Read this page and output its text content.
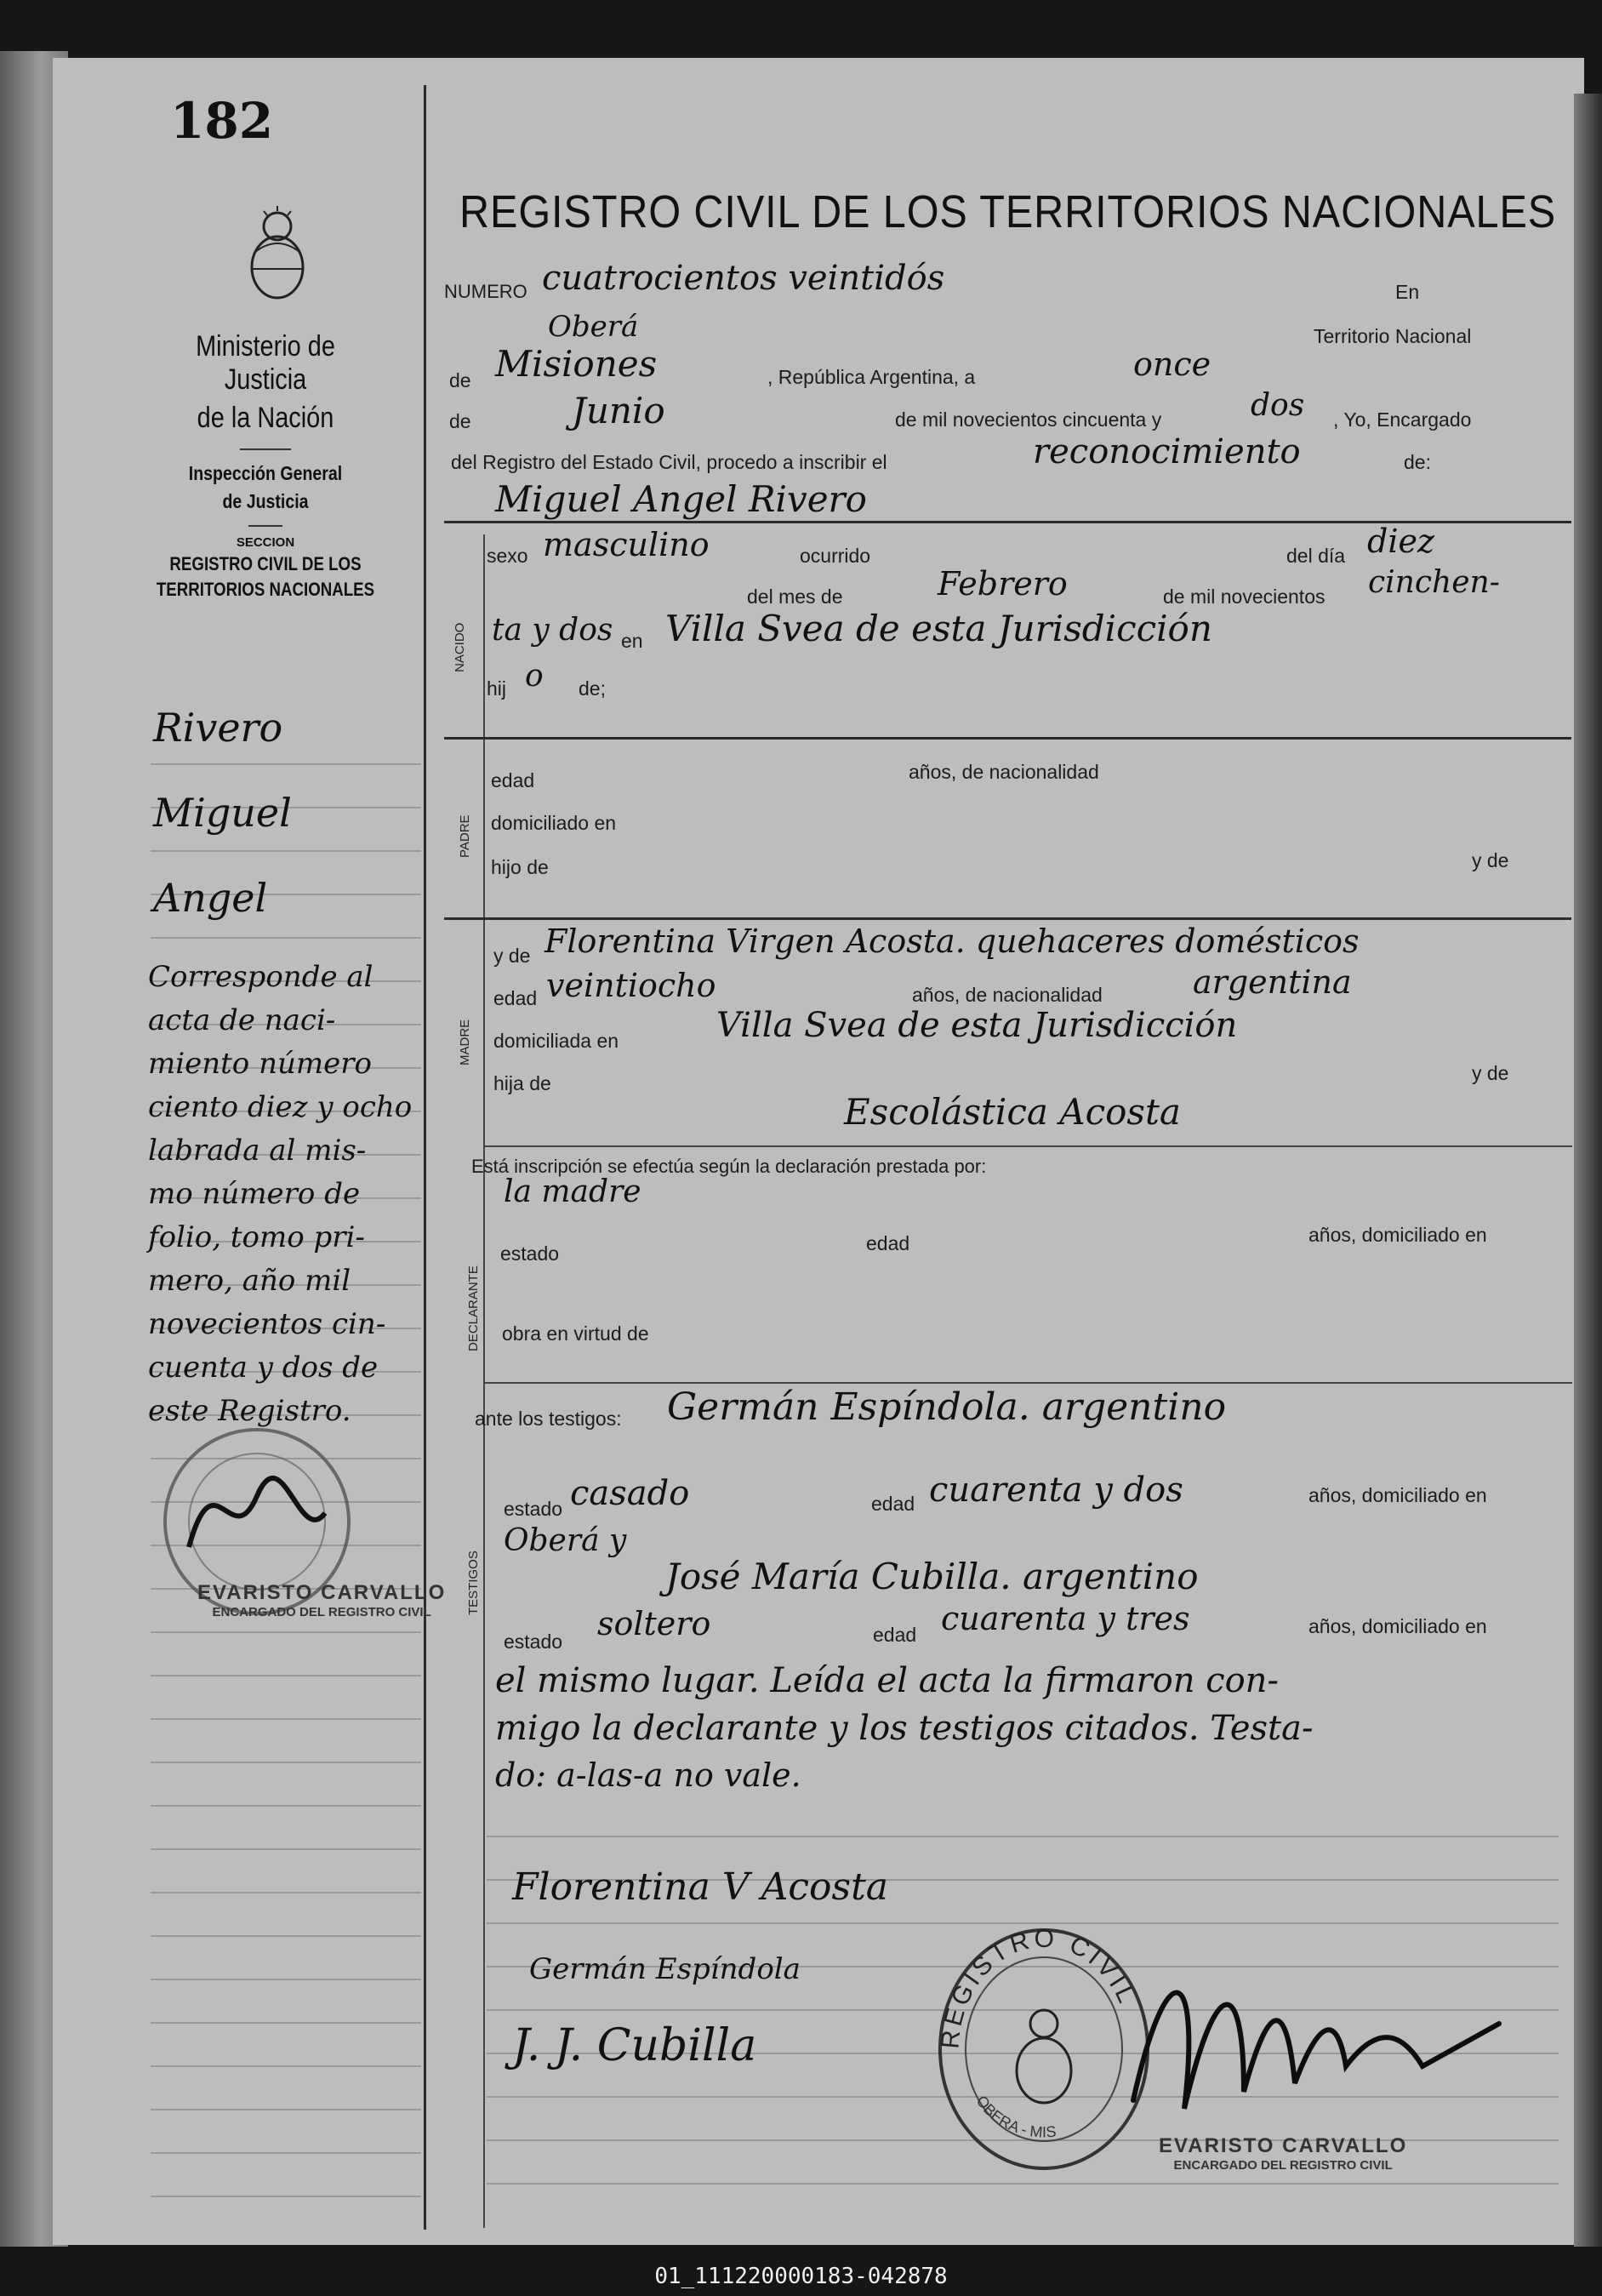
182
REGISTRO CIVIL DE LOS TERRITORIOS NACIONALES
Ministerio de Justicia
de la Nación
Inspección General
de Justicia
SECCION
REGISTRO CIVIL DE LOS
TERRITORIOS NACIONALES
Rivero
Miguel
Angel
Corresponde al
acta de naci-
miento número
ciento diez y ocho
labrada al mis-
mo número de
folio, tomo pri-
mero, año mil
novecientos cin-
cuenta y dos de
este Registro.
NUMERO cuatrocientos veintidós	En
Oberá	Territorio Nacional
de Misiones	, República Argentina, a	once
de	Junio	de mil novecientos cincuenta y	dos , Yo, Encargado
del Registro del Estado Civil, procedo a inscribir el	reconocimiento	de:
Miguel Angel Rivero
NACIDO
sexo masculino	ocurrido	del día diez
del mes de	Febrero	de mil novecientos cinchen-
ta y dos en Villa Svea de esta Jurisdicción
hij o de;
PADRE
edad	años, de nacionalidad
domiciliado en
hijo de	y de
y de Florentina Virgen Acosta. quehaceres domésticos
MADRE
edad veintiocho	años, de nacionalidad	argentina
domiciliada en	Villa Svea de esta Jurisdicción
hija de	y de
Escolástica Acosta
Está inscripción se efectúa según la declaración prestada por:
la madre
DECLARANTE
estado	edad	años, domiciliado en
obra en virtud de
ante los testigos: Germán Espíndola. argentino
TESTIGOS
estado casado	edad cuarenta y dos	años, domiciliado en
Oberá y
José María Cubilla. argentino
estado soltero	edad cuarenta y tres	años, domiciliado en
el mismo lugar. Leída el acta la firmaron con-
migo la declarante y los testigos citados. Testa-
do: a-las-a no vale.
Florentina V Acosta
Germán Espíndola
J. J. Cubilla
EVARISTO CARVALLO
ENCARGADO DEL REGISTRO CIVIL
REGISTRO CIVIL
OBERA - MIS
EVARISTO CARVALLO
ENCARGADO DEL REGISTRO CIVIL
01_111220000183-042878
